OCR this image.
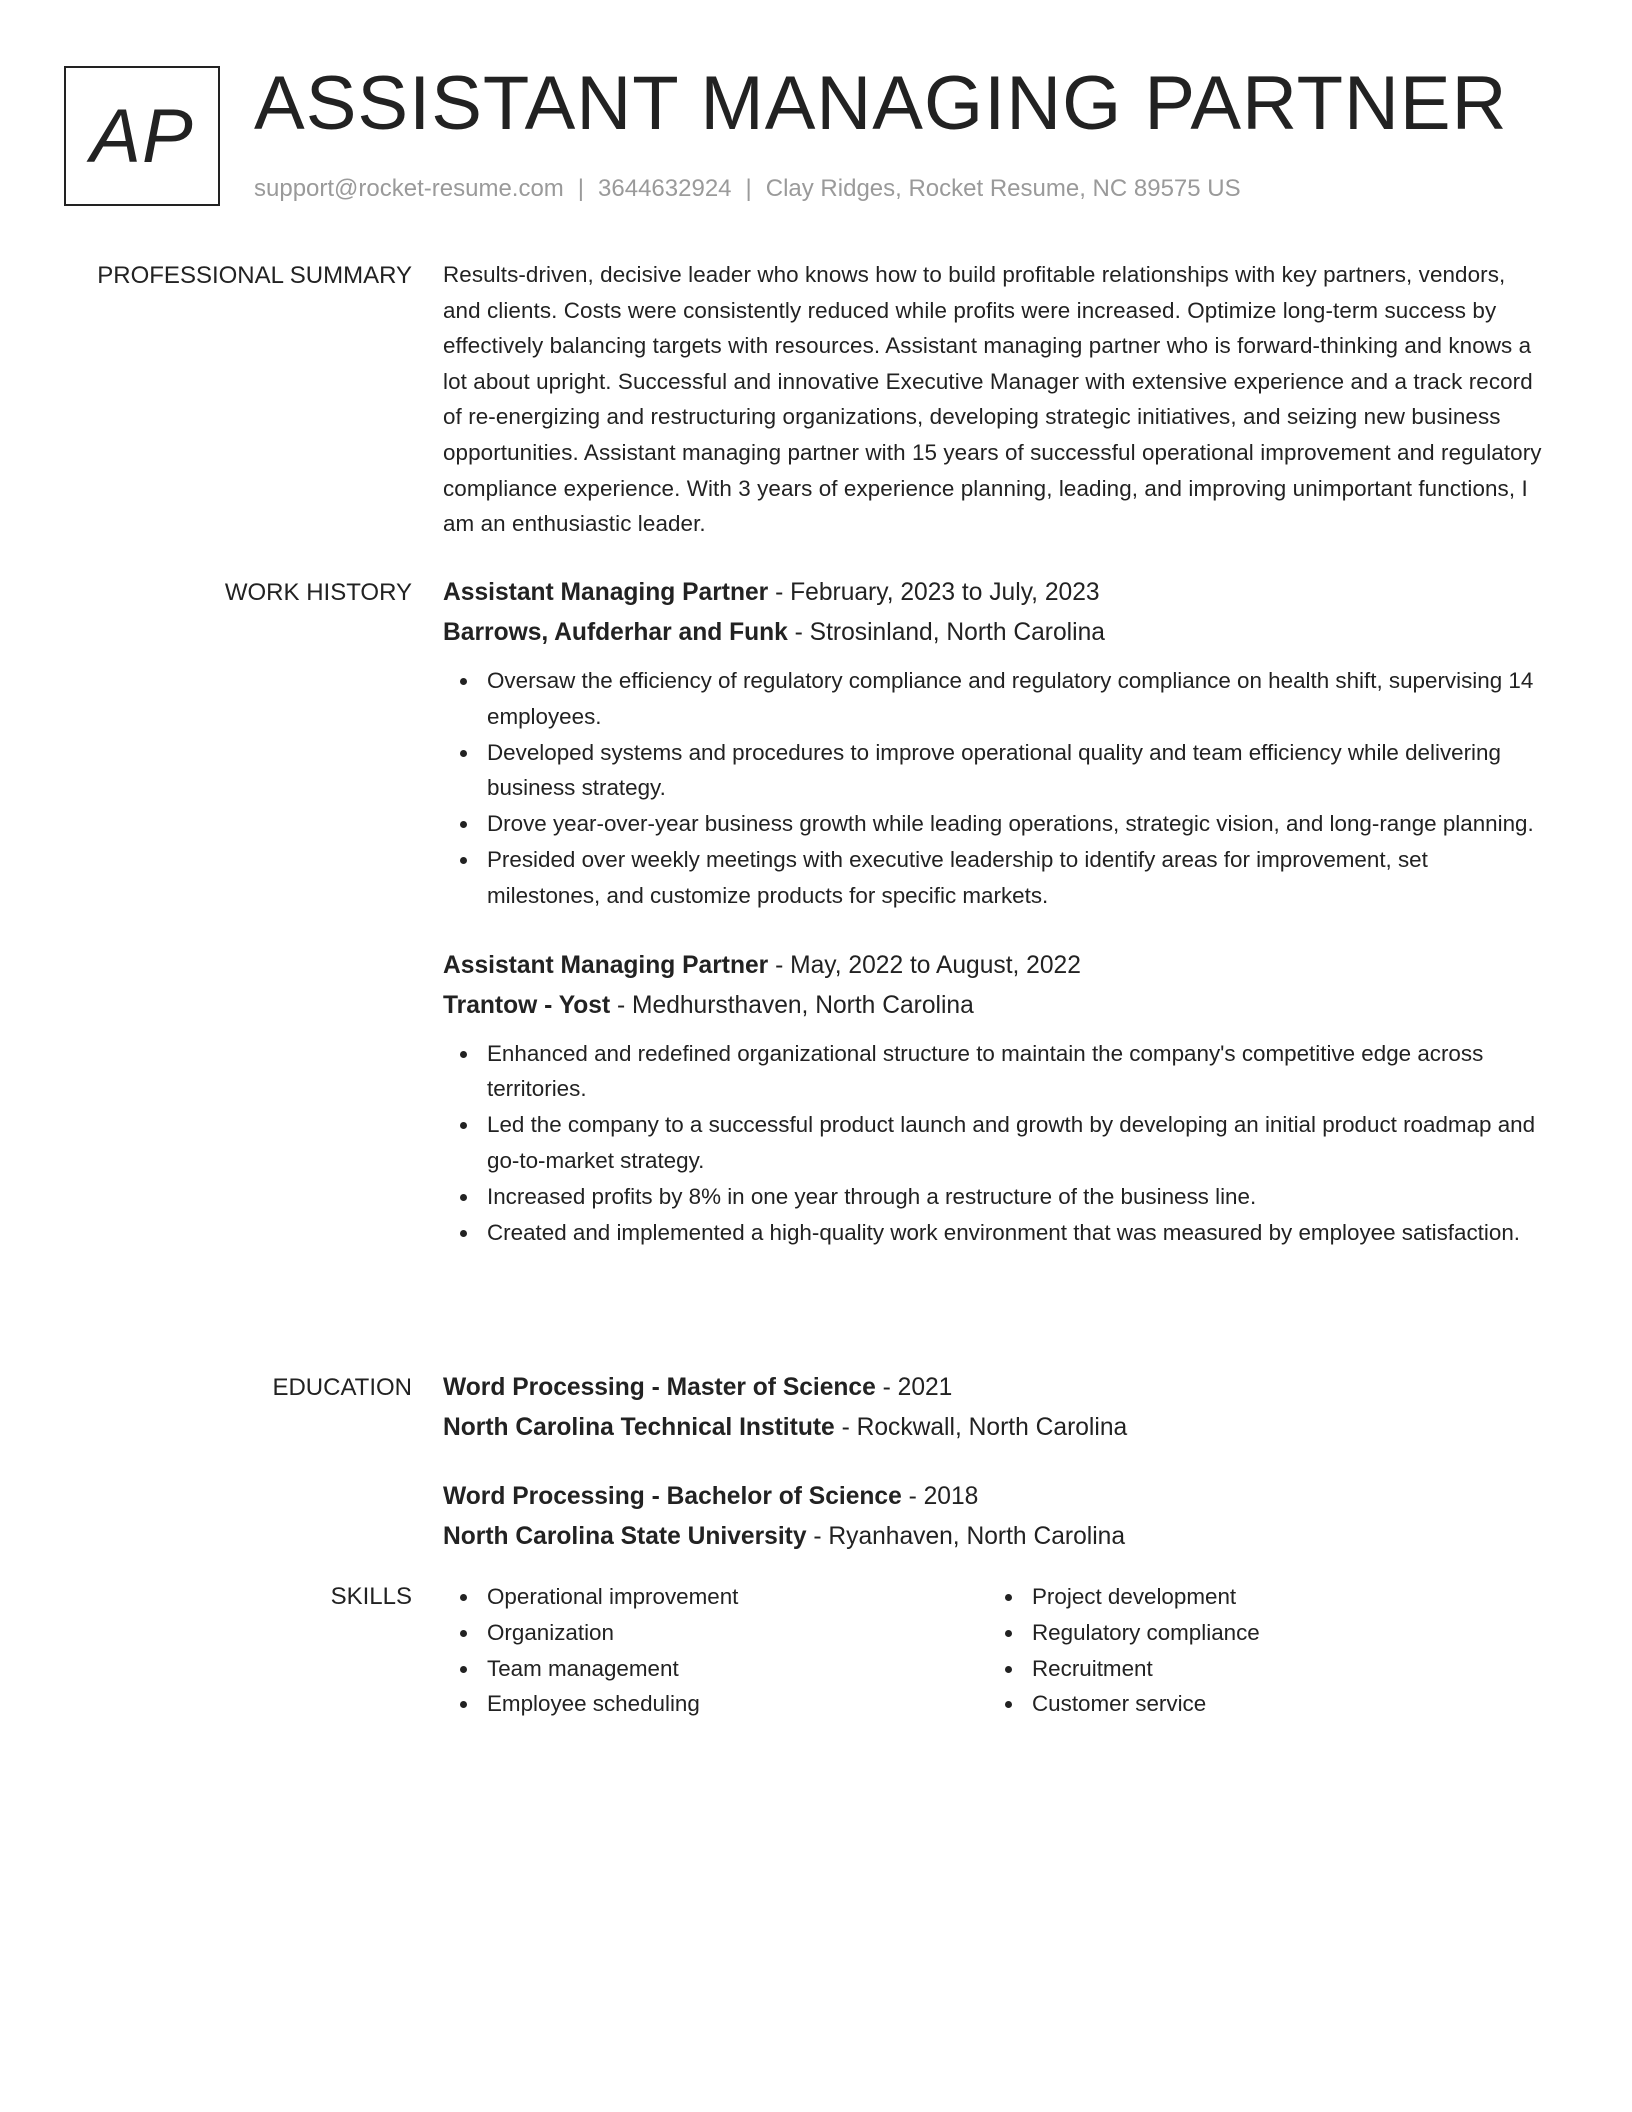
AP ASSISTANT MANAGING PARTNER
support@rocket-resume.com | 3644632924 | Clay Ridges, Rocket Resume, NC 89575 US
PROFESSIONAL SUMMARY Results-driven, decisive leader who knows how to build profitable relationships with key partners, vendors, and clients. Costs were consistently reduced while profits were increased. Optimize long-term success by effectively balancing targets with resources. Assistant managing partner who is forward-thinking and knows a lot about upright. Successful and innovative Executive Manager with extensive experience and a track record of re-energizing and restructuring organizations, developing strategic initiatives, and seizing new business opportunities. Assistant managing partner with 15 years of successful operational improvement and regulatory compliance experience. With 3 years of experience planning, leading, and improving unimportant functions, I am an enthusiastic leader.

WORK HISTORY Assistant Managing Partner - February, 2023 to July, 2023
Barrows, Aufderhar and Funk - Strosinland, North Carolina
Oversaw the efficiency of regulatory compliance and regulatory compliance on health shift, supervising 14 employees.
Developed systems and procedures to improve operational quality and team efficiency while delivering business strategy.
Drove year-over-year business growth while leading operations, strategic vision, and long-range planning.
Presided over weekly meetings with executive leadership to identify areas for improvement, set milestones, and customize products for specific markets.
Assistant Managing Partner - May, 2022 to August, 2022
Trantow - Yost - Medhursthaven, North Carolina
Enhanced and redefined organizational structure to maintain the company's competitive edge across territories.
Led the company to a successful product launch and growth by developing an initial product roadmap and go-to-market strategy.
Increased profits by 8% in one year through a restructure of the business line.
Created and implemented a high-quality work environment that was measured by employee satisfaction.
EDUCATION Word Processing - Master of Science - 2021
North Carolina Technical Institute - Rockwall, North Carolina
Word Processing - Bachelor of Science - 2018
North Carolina State University - Ryanhaven, North Carolina
SKILLS	Operational improvement
Organization
Team management
Employee scheduling
Project development
Regulatory compliance
Recruitment
Customer service
